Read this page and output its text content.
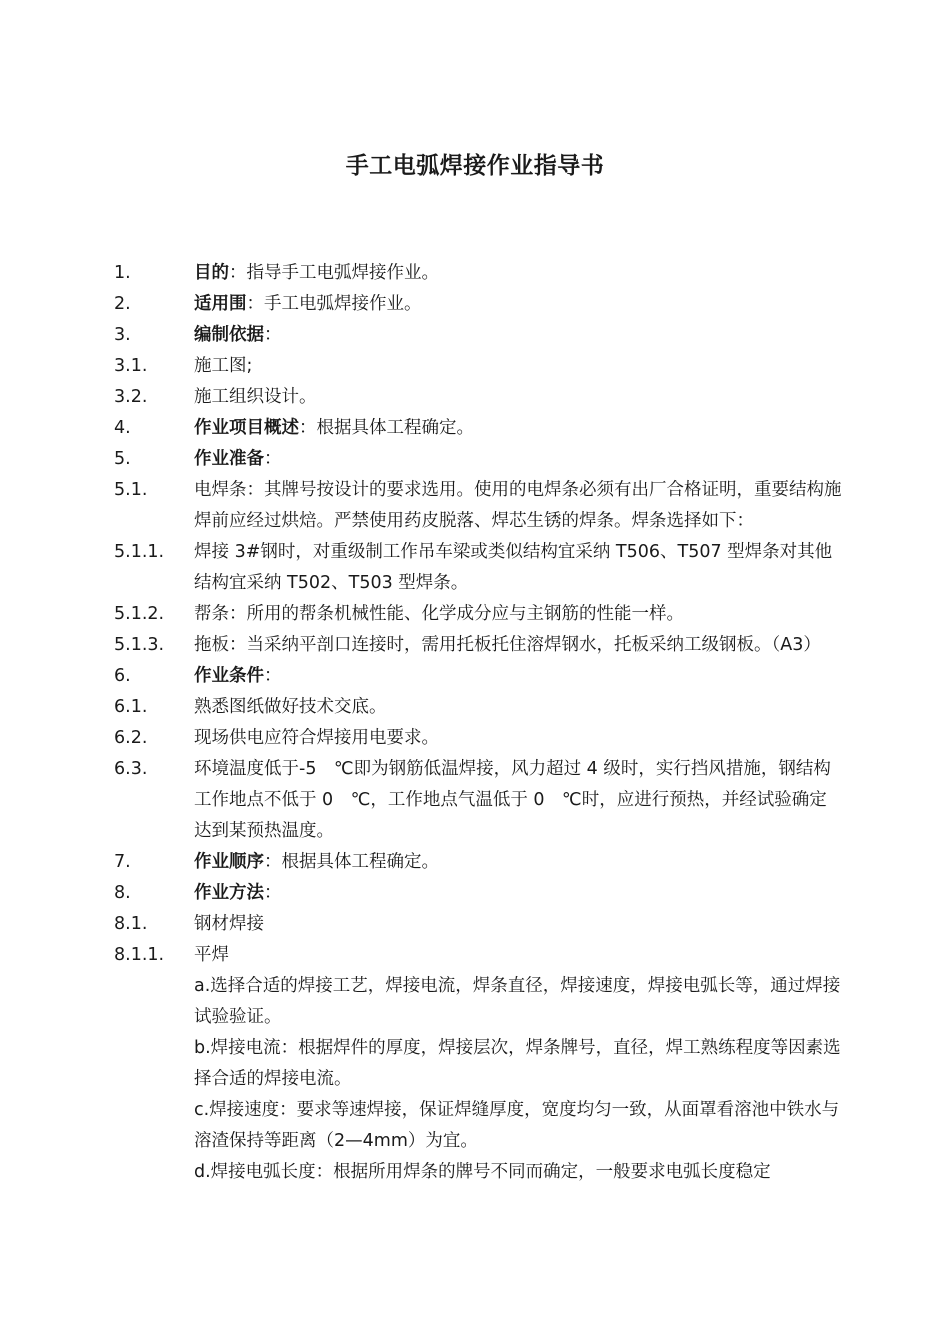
手工电弧焊接作业指导书
1.	目的：指导手工电弧焊接作业。
2.	适用围：手工电弧焊接作业。
3.	编制依据：
3.1.	施工图;
3.2.	施工组织设计。
4.	作业项目概述：根据具体工程确定。
5.	作业准备：
5.1.	电焊条：其牌号按设计的要求选用。使用的电焊条必须有出厂合格证明，重要结构施焊前应经过烘焙。严禁使用药皮脱落、焊芯生锈的焊条。焊条选择如下：
5.1.1.	焊接 3#钢时，对重级制工作吊车梁或类似结构宜采纳 T506、T507 型焊条对其他结构宜采纳 T502、T503 型焊条。
5.1.2.	帮条：所用的帮条机械性能、化学成分应与主钢筋的性能一样。
5.1.3.	拖板：当采纳平剖口连接时，需用托板托住溶焊钢水，托板采纳工级钢板。（A3）
6.	作业条件：
6.1.	熟悉图纸做好技术交底。
6.2.	现场供电应符合焊接用电要求。
6.3.	环境温度低于-5　℃即为钢筋低温焊接，风力超过 4 级时，实行挡风措施，钢结构工作地点不低于 0　℃，工作地点气温低于 0　℃时，应进行预热，并经试验确定达到某预热温度。
7.	作业顺序：根据具体工程确定。
8.	作业方法：
8.1.	钢材焊接
8.1.1.	平焊
a.选择合适的焊接工艺，焊接电流，焊条直径，焊接速度，焊接电弧长等，通过焊接试验验证。
b.焊接电流：根据焊件的厚度，焊接层次，焊条牌号，直径，焊工熟练程度等因素选择合适的焊接电流。
c.焊接速度：要求等速焊接，保证焊缝厚度，宽度均匀一致，从面罩看溶池中铁水与溶渣保持等距离（2—4mm）为宜。
d.焊接电弧长度：根据所用焊条的牌号不同而确定，一般要求电弧长度稳定
